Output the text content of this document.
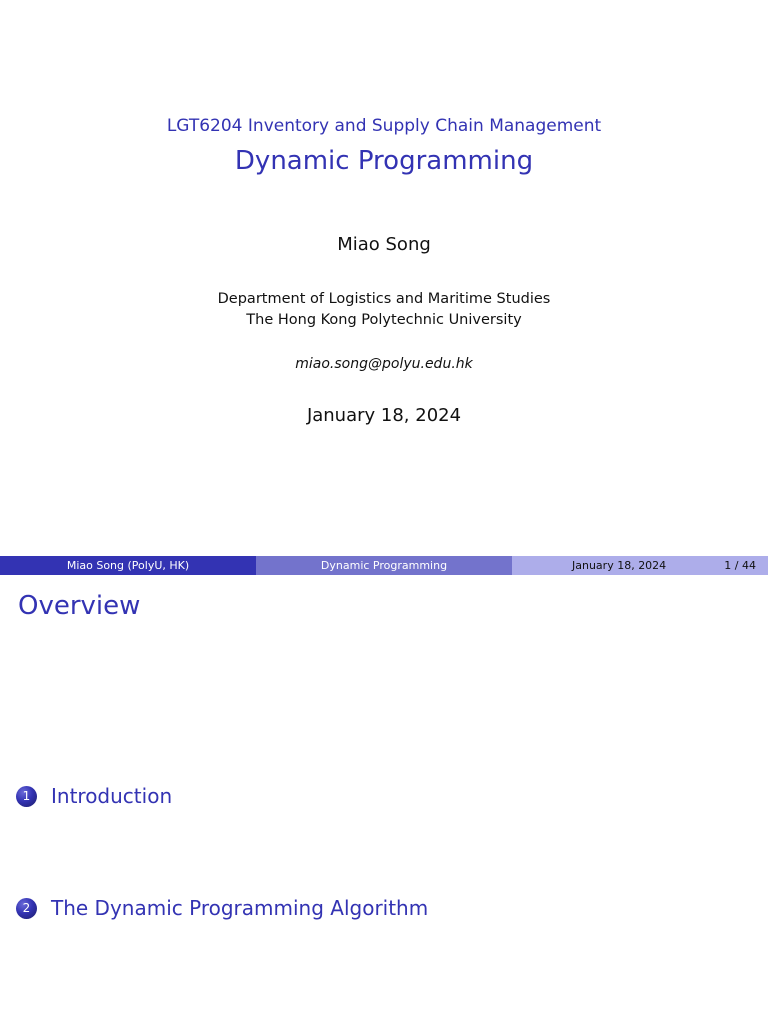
LGT6204 Inventory and Supply Chain Management
Dynamic Programming
Miao Song
Department of Logistics and Maritime Studies
The Hong Kong Polytechnic University
miao.song@polyu.edu.hk
January 18, 2024
Miao Song (PolyU, HK)	Dynamic Programming	January 18, 2024	1 / 44
Overview
1	Introduction
2	The Dynamic Programming Algorithm
